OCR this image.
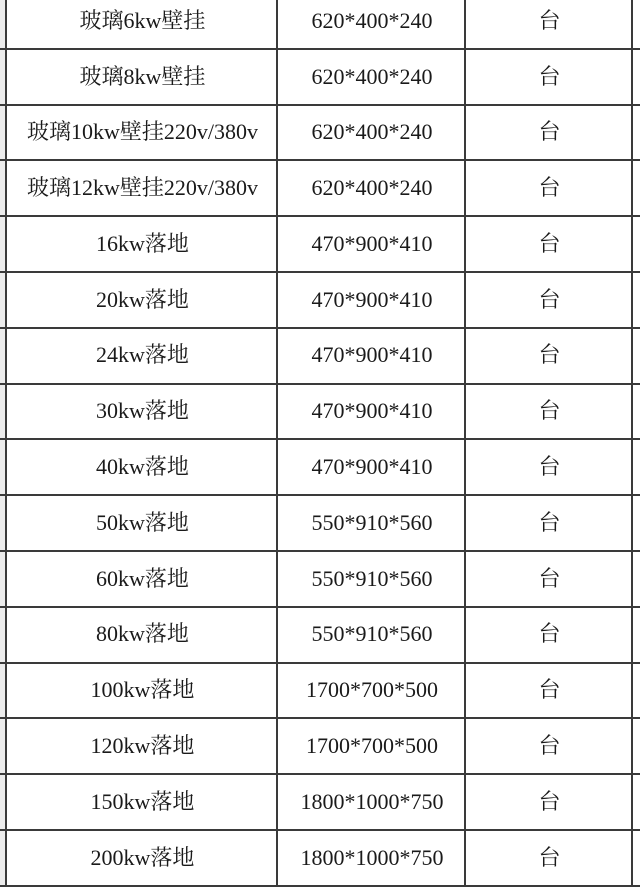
玻璃6kw壁挂	620*400*240	台
玻璃8kw壁挂	620*400*240	台
玻璃10kw壁挂220v/380v	620*400*240	台
玻璃12kw壁挂220v/380v	620*400*240	台
16kw落地	470*900*410	台
20kw落地	470*900*410	台
24kw落地	470*900*410	台
30kw落地	470*900*410	台
40kw落地	470*900*410	台
50kw落地	550*910*560	台
60kw落地	550*910*560	台
80kw落地	550*910*560	台
100kw落地	1700*700*500	台
120kw落地	1700*700*500	台
150kw落地	1800*1000*750	台
200kw落地	1800*1000*750	台
